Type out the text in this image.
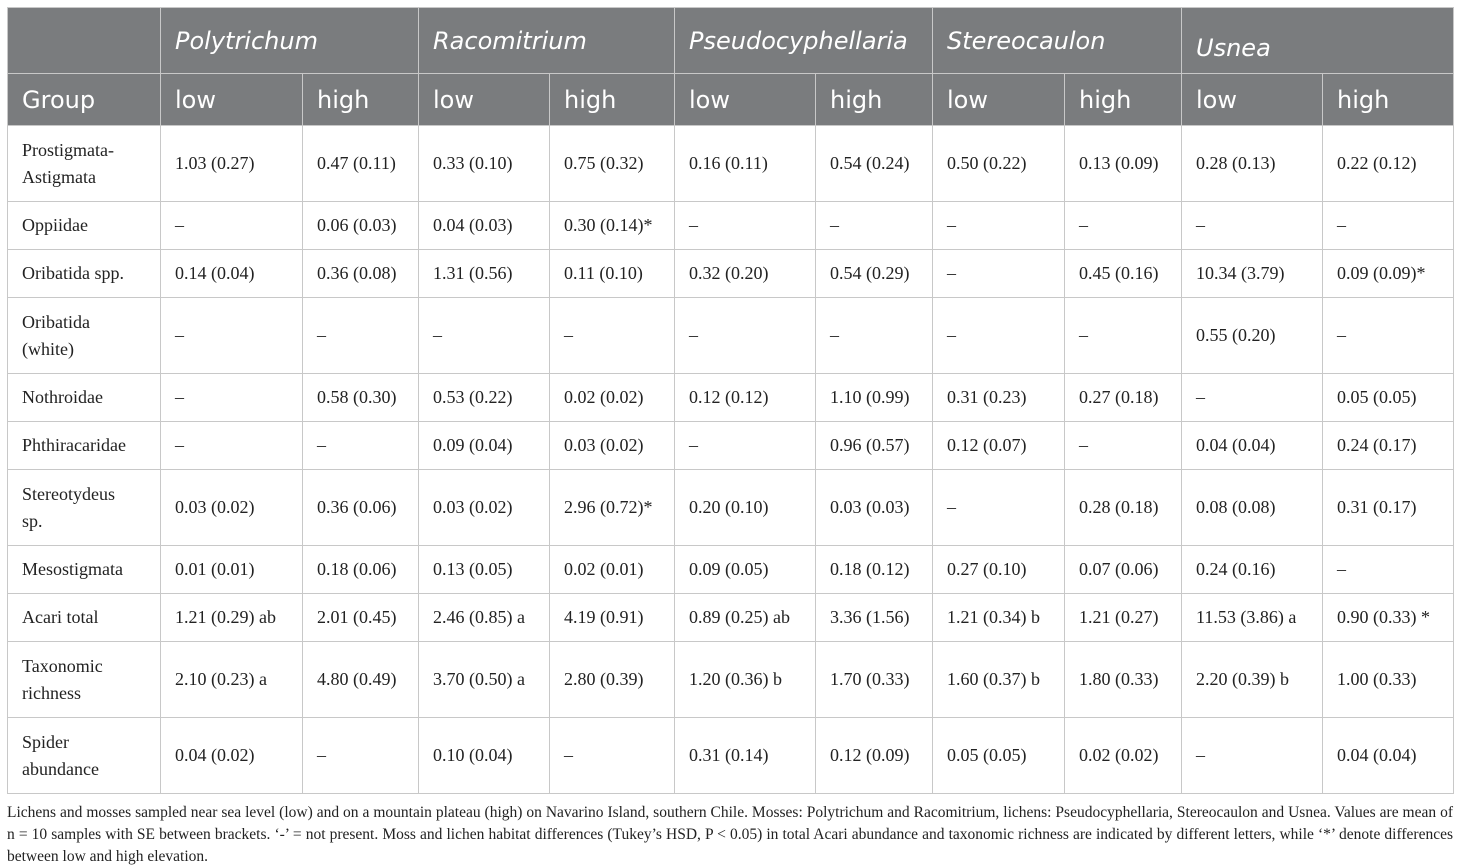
	Polytrichum		Racomitrium		Pseudocyphellaria		Stereocaulon		Usnea	
Group	low	high	low	high	low	high	low	high	low	high
Prostigmata-
Astigmata	1.03 (0.27)	0.47 (0.11)	0.33 (0.10)	0.75 (0.32)	0.16 (0.11)	0.54 (0.24)	0.50 (0.22)	0.13 (0.09)	0.28 (0.13)	0.22 (0.12)
Oppiidae	–	0.06 (0.03)	0.04 (0.03)	0.30 (0.14)*	–	–	–	–	–	–
Oribatida spp.	0.14 (0.04)	0.36 (0.08)	1.31 (0.56)	0.11 (0.10)	0.32 (0.20)	0.54 (0.29)	–	0.45 (0.16)	10.34 (3.79)	0.09 (0.09)*
Oribatida
(white)	–	–	–	–	–	–	–	–	0.55 (0.20)	–
Nothroidae	–	0.58 (0.30)	0.53 (0.22)	0.02 (0.02)	0.12 (0.12)	1.10 (0.99)	0.31 (0.23)	0.27 (0.18)	–	0.05 (0.05)
Phthiracaridae	–	–	0.09 (0.04)	0.03 (0.02)	–	0.96 (0.57)	0.12 (0.07)	–	0.04 (0.04)	0.24 (0.17)
Stereotydeus
sp.	0.03 (0.02)	0.36 (0.06)	0.03 (0.02)	2.96 (0.72)*	0.20 (0.10)	0.03 (0.03)	–	0.28 (0.18)	0.08 (0.08)	0.31 (0.17)
Mesostigmata	0.01 (0.01)	0.18 (0.06)	0.13 (0.05)	0.02 (0.01)	0.09 (0.05)	0.18 (0.12)	0.27 (0.10)	0.07 (0.06)	0.24 (0.16)	–
Acari total	1.21 (0.29) ab	2.01 (0.45)	2.46 (0.85) a	4.19 (0.91)	0.89 (0.25) ab	3.36 (1.56)	1.21 (0.34) b	1.21 (0.27)	11.53 (3.86) a	0.90 (0.33) *
Taxonomic
richness	2.10 (0.23) a	4.80 (0.49)	3.70 (0.50) a	2.80 (0.39)	1.20 (0.36) b	1.70 (0.33)	1.60 (0.37) b	1.80 (0.33)	2.20 (0.39) b	1.00 (0.33)
Spider
abundance	0.04 (0.02)	–	0.10 (0.04)	–	0.31 (0.14)	0.12 (0.09)	0.05 (0.05)	0.02 (0.02)	–	0.04 (0.04)
Lichens and mosses sampled near sea level (low) and on a mountain plateau (high) on Navarino Island, southern Chile. Mosses: Polytrichum and Racomitrium, lichens: Pseudocyphellaria, Stereocaulon and Usnea. Values are mean of n = 10 samples with SE between brackets. ‘-’ = not present. Moss and lichen habitat differences (Tukey’s HSD, P < 0.05) in total Acari abundance and taxonomic richness are indicated by different letters, while ‘*’ denote differences between low and high elevation.
